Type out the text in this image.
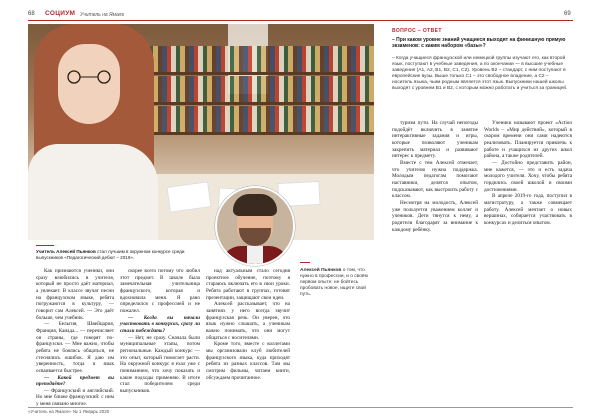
68 СОЦИУМ Учитель на Ямале	69
Учитель Алексей Пьянков стал лучшим в окружном конкурсе среди выпускников «Педагогический дебют – 2019».
ВОПРОС – ОТВЕТ
– При каком уровне знаний учащиеся выходят на финишную прямую экзаменов: с каким набором «базы»?
– Когда учащиеся французской или немецкой группы изучают его, как второй язык, поступают в учебные заведения, а по окончании — в высшие учебные заведения (А1, А2, В1, В2, С1, С2). Уровень В2 – стандарт, с ним поступают в европейские вузы. Выше только С1 – это свободное владение, а С2 – носитель языка, чьим родным является этот язык. Выпускники нашей школы выходят с уровнем В1 и В2, с которым можно работать и учиться за границей.

Как признаются ученики, они сразу влюбились в учителя, который не просто даёт материал, а увлекает. В классе звучат песни на французском языке, ребята погружаются в культуру, — говорит сам Алексей. — Это даёт больше, чем учебник.

— Бельгия, Швейцария, Франция, Канада... — перечисляет он страны, где говорят по-французски. — Мне важно, чтобы ребята не боялись общаться, не стеснялись ошибок. Я даю им уверенность, тогда и язык осваивается быстрее.

— Какой предмет вы преподаёте?

— Французский и английский. Но мне ближе французский: с ним у меня связано многое.

скорее всего потому что любил этот предмет. В школе была замечательная учительница французского, которая и вдохновила меня. Я рано определился с профессией и не пожалел.

— Когда вы начали участвовать в конкурсах, сразу ли стали побеждать?

— Нет, не сразу. Сначала были муниципальные этапы, потом региональные. Каждый конкурс — это опыт, который помогает расти. На окружной конкурс я ехал уже с пониманием, что хочу показать и какие подходы применяю. В итоге стал победителем среди выпускников.

над актуальным стало сегодня проектное обучение, поэтому я стараюсь включать его в свои уроки. Ребята работают в группах, готовят презентации, защищают свои идеи.

Алексей рассказывает, что на занятиях у него всегда звучит французская речь. Он уверен, что язык нужно слышать, а ученикам важно понимать, что они могут общаться с носителями.

Кроме того, вместе с коллегами мы организовали клуб любителей французского языка, куда приходят ребята из разных классов. Там мы смотрим фильмы, читаем книги, обсуждаем прочитанное.

Алексей Пьянков о том, что нужно в профессии, и о своём первом опыте: не бойтесь пробовать новое, ищите свой путь.

туризм пути. На случай непогоды подойдёт включить в занятие интерактивные задания и игры, которые позволяют ученикам закрепить материал и развивают интерес к предмету.

Вместе с тем Алексей отмечает, что учителю нужна поддержка. Молодым педагогам помогают наставники, делятся опытом, подсказывают, как выстроить работу с классом.

Несмотря на молодость, Алексей уже пользуется уважением коллег и учеников. Дети тянутся к нему, а родители благодарят за внимание к каждому ребёнку.

Ученики называют проект «Action Worlds – «Мир действий», который в скором времени они сами надеются реализовать. Планируется привлечь к работе и учащихся из других школ района, а также родителей.

— Достойно представить район, мне кажется, — это и есть задача молодого учителя. Хочу, чтобы ребята гордились своей школой и своими достижениями.

В апреле 2019-го года, поступил в магистратуру, а также совмещает работу. Алексей мечтает о новых вершинах, собирается участвовать в конкурсах и делиться опытом.

«Учитель на Ямале» № 1 Январь 2020
